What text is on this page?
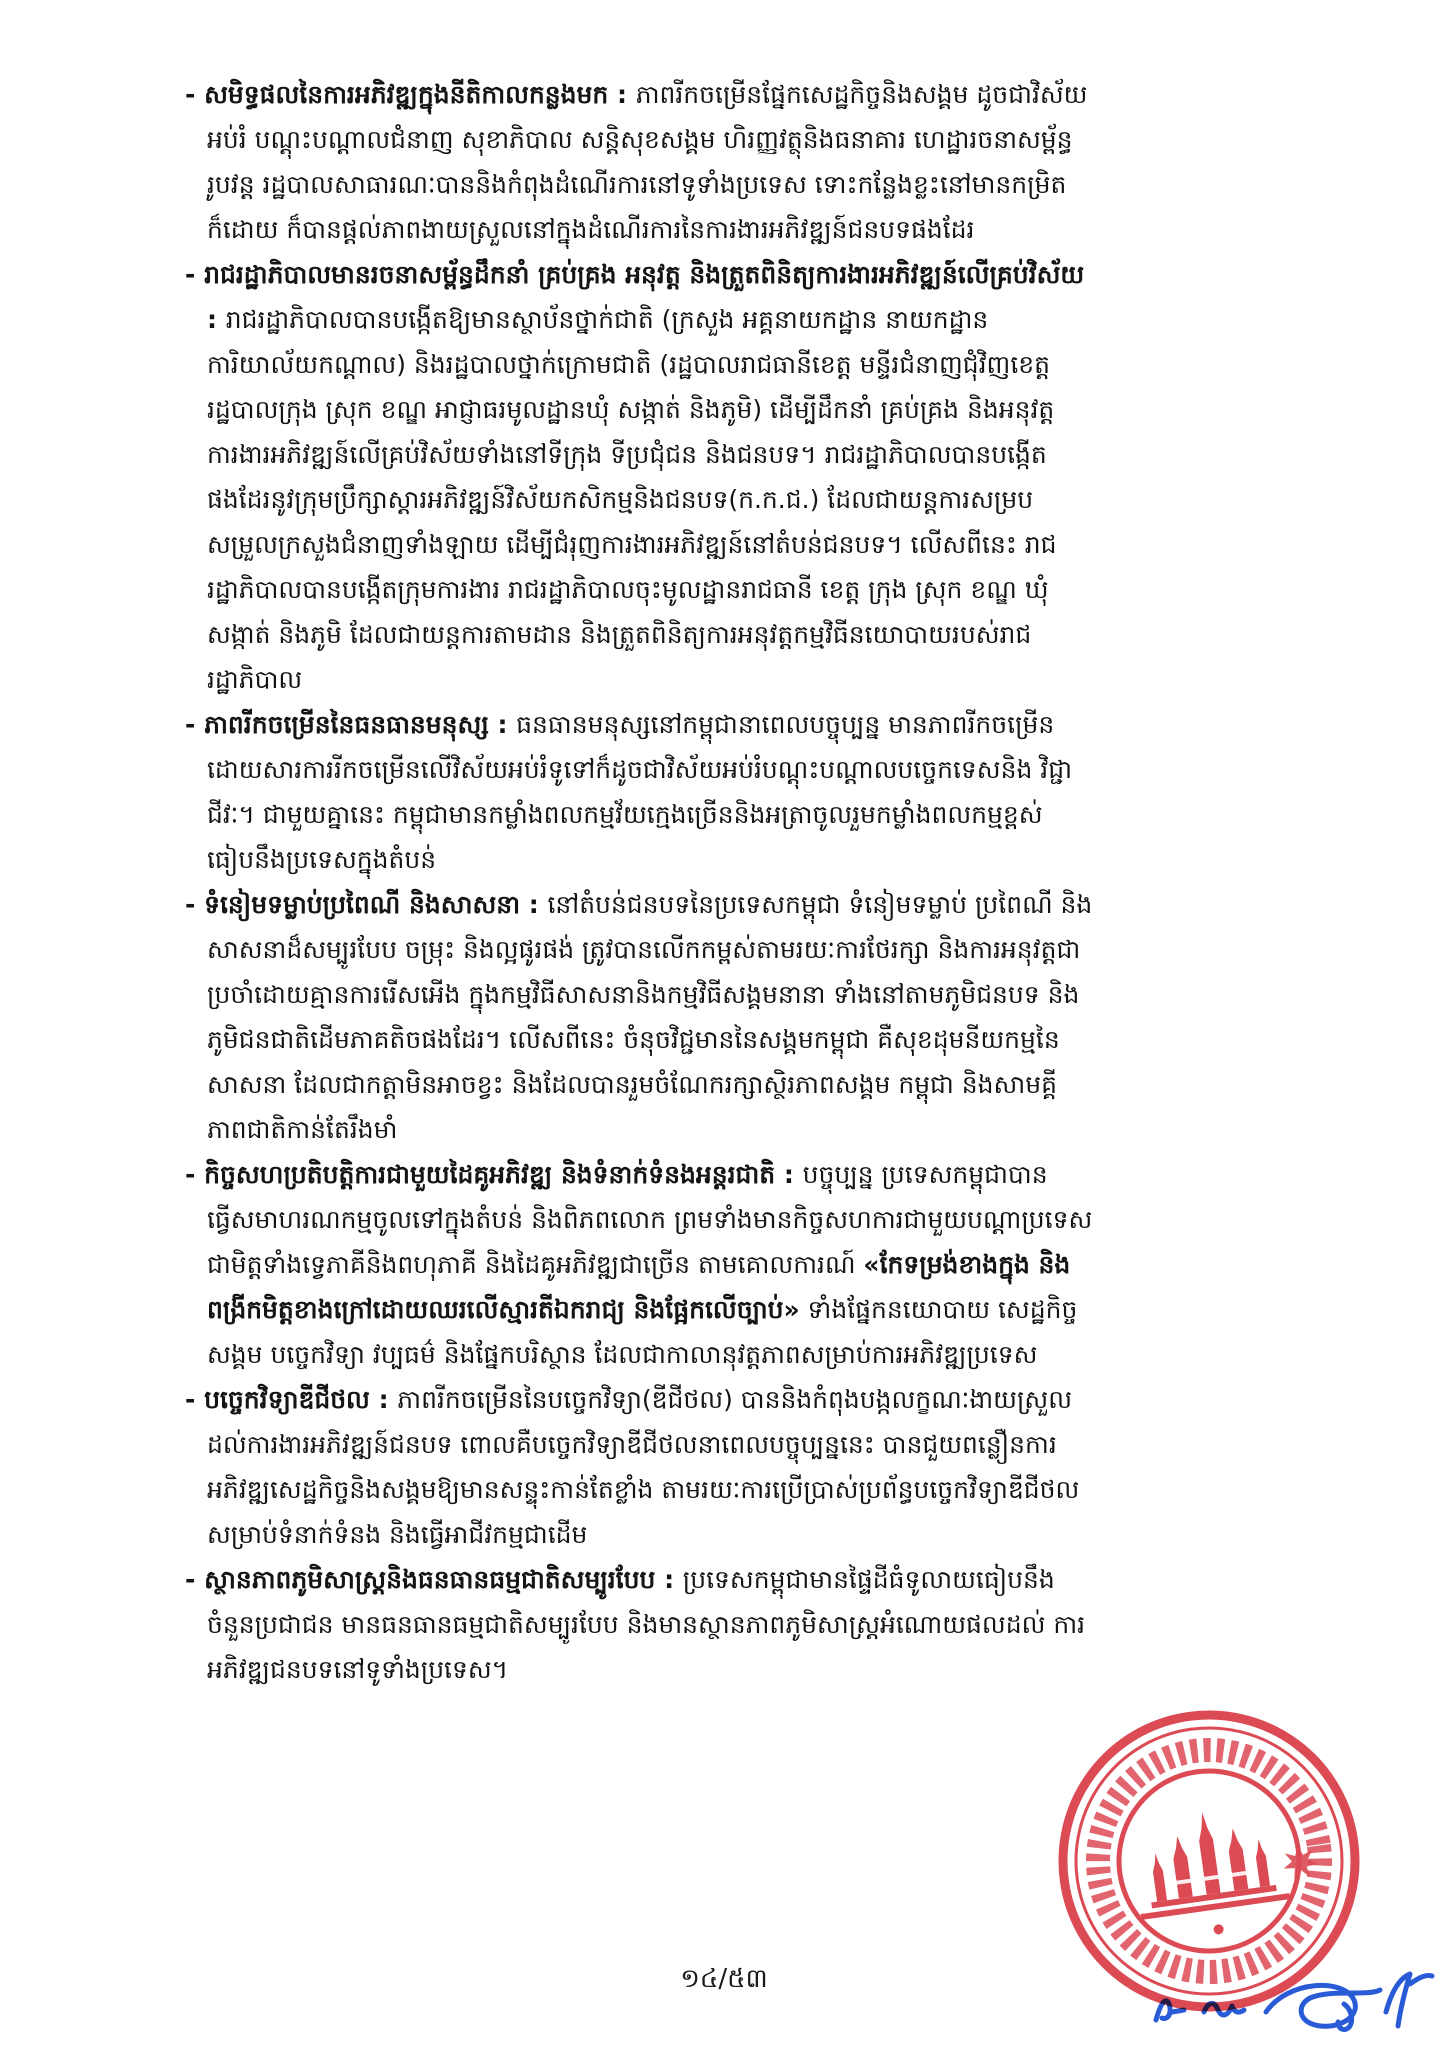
- សមិទ្ធផលនៃការអភិវឌ្ឍក្នុងនីតិកាលកន្លងមក : ភាពរីកចម្រើនផ្នែកសេដ្ឋកិច្ចនិងសង្គម ដូចជាវិស័យ អប់រំ បណ្ដុះបណ្ដាលជំនាញ សុខាភិបាល សន្តិសុខសង្គម ហិរញ្ញវត្ថុនិងធនាគារ ហេដ្ឋារចនាសម្ព័ន្ធ រូបវន្ត រដ្ឋបាលសាធារណៈបាននិងកំពុងដំណើរការនៅទូទាំងប្រទេស ទោះកន្លែងខ្លះនៅមានកម្រិត ក៏ដោយ ក៏បានផ្ដល់ភាពងាយស្រួលនៅក្នុងដំណើរការនៃការងារអភិវឌ្ឍន៍ជនបទផងដែរ

- រាជរដ្ឋាភិបាលមានរចនាសម្ព័ន្ធដឹកនាំ គ្រប់គ្រង អនុវត្ត និងត្រួតពិនិត្យការងារអភិវឌ្ឍន៍លើគ្រប់វិស័យ : រាជរដ្ឋាភិបាលបានបង្កើតឱ្យមានស្ថាប័នថ្នាក់ជាតិ (ក្រសួង អគ្គនាយកដ្ឋាន នាយកដ្ឋាន ការិយាល័យកណ្ដាល) និងរដ្ឋបាលថ្នាក់ក្រោមជាតិ (រដ្ឋបាលរាជធានីខេត្ត មន្ទីរជំនាញជុំវិញខេត្ត រដ្ឋបាលក្រុង ស្រុក ខណ្ឌ អាជ្ញាធរមូលដ្ឋានឃុំ សង្កាត់ និងភូមិ) ដើម្បីដឹកនាំ គ្រប់គ្រង និងអនុវត្តការងារអភិវឌ្ឍន៍លើគ្រប់វិស័យទាំងនៅទីក្រុង ទីប្រជុំជន និងជនបទ។ រាជរដ្ឋាភិបាលបានបង្កើតផងដែរនូវក្រុមប្រឹក្សាស្ដារអភិវឌ្ឍន៍វិស័យកសិកម្មនិងជនបទ(ក.ក.ជ.) ដែលជាយន្តការសម្របសម្រួលក្រសួងជំនាញទាំងឡាយ ដើម្បីជំរុញការងារអភិវឌ្ឍន៍នៅតំបន់ជនបទ។ លើសពីនេះ រាជរដ្ឋាភិបាលបានបង្កើតក្រុមការងារ រាជរដ្ឋាភិបាលចុះមូលដ្ឋានរាជធានី ខេត្ត ក្រុង ស្រុក ខណ្ឌ ឃុំ សង្កាត់ និងភូមិ ដែលជាយន្តការតាមដាន និងត្រួតពិនិត្យការអនុវត្តកម្មវិធីនយោបាយរបស់រាជរដ្ឋាភិបាល

- ភាពរីកចម្រើននៃធនធានមនុស្ស : ធនធានមនុស្សនៅកម្ពុជានាពេលបច្ចុប្បន្ន មានភាពរីកចម្រើន ដោយសារការរីកចម្រើនលើវិស័យអប់រំទូទៅក៏ដូចជាវិស័យអប់រំបណ្ដុះបណ្ដាលបច្ចេកទេសនិង វិជ្ជាជីវៈ។ ជាមួយគ្នានេះ កម្ពុជាមានកម្លាំងពលកម្មវ័យក្មេងច្រើននិងអត្រាចូលរួមកម្លាំងពលកម្មខ្ពស់ ធៀបនឹងប្រទេសក្នុងតំបន់

- ទំនៀមទម្លាប់ប្រពៃណី និងសាសនា : នៅតំបន់ជនបទនៃប្រទេសកម្ពុជា ទំនៀមទម្លាប់ ប្រពៃណី និងសាសនាដ៏សម្បូរបែប ចម្រុះ និងល្អផូរផង់ ត្រូវបានលើកកម្ពស់តាមរយៈការថែរក្សា និងការអនុវត្តជាប្រចាំដោយគ្មានការរើសអើង ក្នុងកម្មវិធីសាសនានិងកម្មវិធីសង្គមនានា ទាំងនៅតាមភូមិជនបទ និងភូមិជនជាតិដើមភាគតិចផងដែរ។ លើសពីនេះ ចំនុចវិជ្ជមាននៃសង្គមកម្ពុជា គឺសុខដុមនីយកម្មនៃសាសនា ដែលជាកត្តាមិនអាចខ្វះ និងដែលបានរួមចំណែករក្សាស្ថិរភាពសង្គម កម្ពុជា និងសាមគ្គីភាពជាតិកាន់តែរឹងមាំ

- កិច្ចសហប្រតិបត្តិការជាមួយដៃគូអភិវឌ្ឍ និងទំនាក់ទំនងអន្តរជាតិ : បច្ចុប្បន្ន ប្រទេសកម្ពុជាបាន ធ្វើសមាហរណកម្មចូលទៅក្នុងតំបន់ និងពិភពលោក ព្រមទាំងមានកិច្ចសហការជាមួយបណ្ដាប្រទេស ជាមិត្តទាំងទ្វេភាគីនិងពហុភាគី និងដៃគូអភិវឌ្ឍជាច្រើន តាមគោលការណ៍ «កែទម្រង់ខាងក្នុង និងពង្រីកមិត្តខាងក្រៅដោយឈរលើស្មារតីឯករាជ្យ និងផ្អែកលើច្បាប់» ទាំងផ្នែកនយោបាយ សេដ្ឋកិច្ច សង្គម បច្ចេកវិទ្យា វប្បធម៌ និងផ្នែកបរិស្ថាន ដែលជាកាលានុវត្តភាពសម្រាប់ការអភិវឌ្ឍប្រទេស

- បច្ចេកវិទ្យាឌីជីថល : ភាពរីកចម្រើននៃបច្ចេកវិទ្យា(ឌីជីថល) បាននិងកំពុងបង្កលក្ខណៈងាយស្រួល ដល់ការងារអភិវឌ្ឍន៍ជនបទ ពោលគឺបច្ចេកវិទ្យាឌីជីថលនាពេលបច្ចុប្បន្ននេះ បានជួយពន្លឿនការ អភិវឌ្ឍសេដ្ឋកិច្ចនិងសង្គមឱ្យមានសន្ទុះកាន់តែខ្លាំង តាមរយៈការប្រើប្រាស់ប្រព័ន្ធបច្ចេកវិទ្យាឌីជីថល សម្រាប់ទំនាក់ទំនង និងធ្វើអាជីវកម្មជាដើម

- ស្ថានភាពភូមិសាស្ត្រនិងធនធានធម្មជាតិសម្បូរបែប : ប្រទេសកម្ពុជាមានផ្ទៃដីធំទូលាយធៀបនឹង ចំនួនប្រជាជន មានធនធានធម្មជាតិសម្បូរបែប និងមានស្ថានភាពភូមិសាស្ត្រអំណោយផលដល់ ការអភិវឌ្ឍជនបទនៅទូទាំងប្រទេស។

១៤/៥៣
